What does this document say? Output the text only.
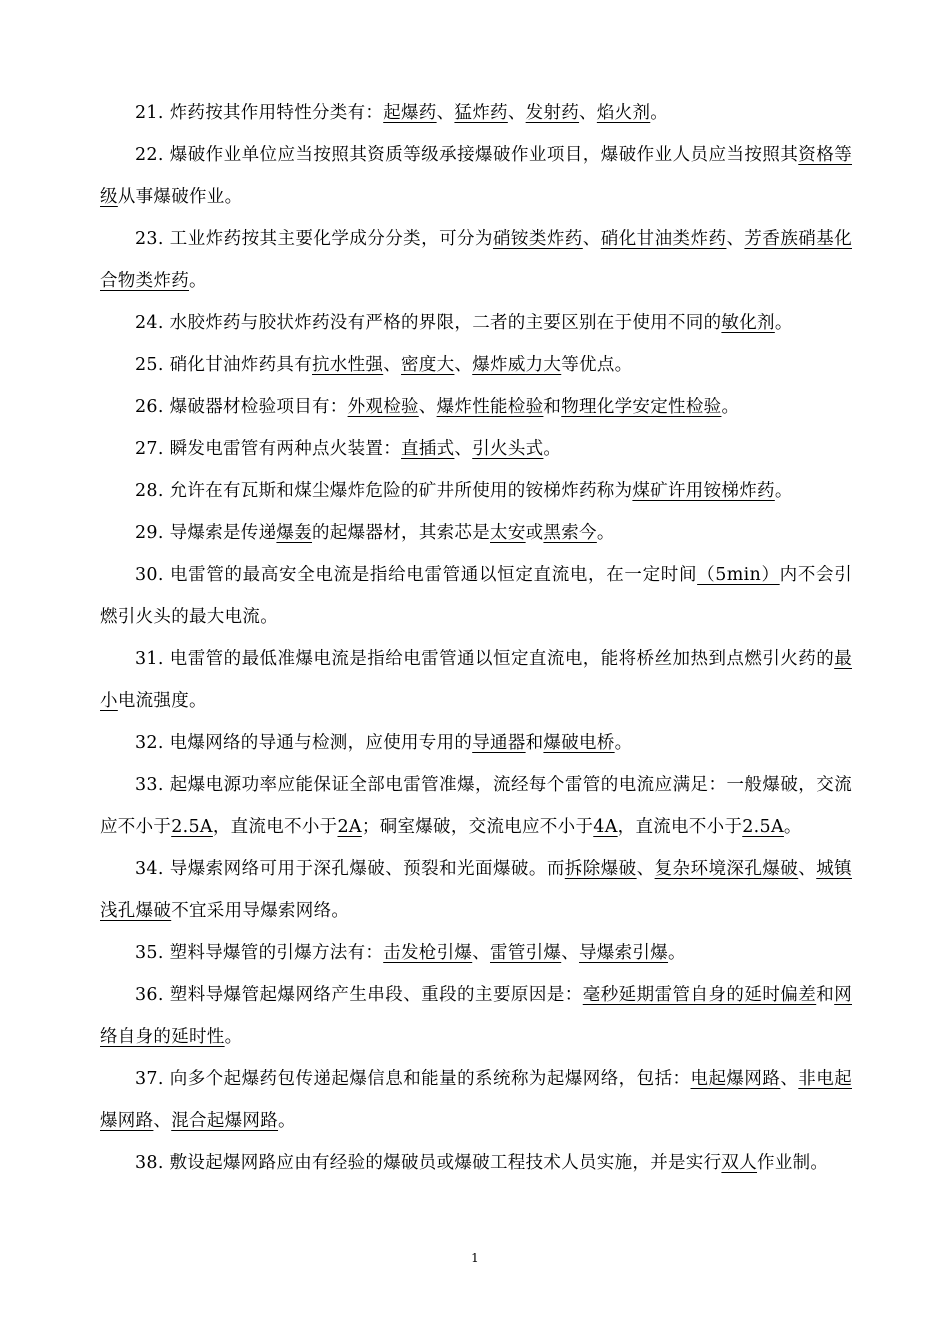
21. 炸药按其作用特性分类有：起爆药、猛炸药、发射药、焰火剂。

22. 爆破作业单位应当按照其资质等级承接爆破作业项目，爆破作业人员应当按照其资格等级从事爆破作业。

23. 工业炸药按其主要化学成分分类，可分为硝铵类炸药、硝化甘油类炸药、芳香族硝基化合物类炸药。

24. 水胶炸药与胶状炸药没有严格的界限，二者的主要区别在于使用不同的敏化剂。

25. 硝化甘油炸药具有抗水性强、密度大、爆炸威力大等优点。

26. 爆破器材检验项目有：外观检验、爆炸性能检验和物理化学安定性检验。

27. 瞬发电雷管有两种点火装置：直插式、引火头式。

28. 允许在有瓦斯和煤尘爆炸危险的矿井所使用的铵梯炸药称为煤矿许用铵梯炸药。

29. 导爆索是传递爆轰的起爆器材，其索芯是太安或黑索今。

30. 电雷管的最高安全电流是指给电雷管通以恒定直流电，在一定时间（5min）内不会引燃引火头的最大电流。

31. 电雷管的最低准爆电流是指给电雷管通以恒定直流电，能将桥丝加热到点燃引火药的最小电流强度。

32. 电爆网络的导通与检测，应使用专用的导通器和爆破电桥。

33. 起爆电源功率应能保证全部电雷管准爆，流经每个雷管的电流应满足：一般爆破，交流应不小于2.5A，直流电不小于2A；硐室爆破，交流电应不小于4A，直流电不小于2.5A。

34. 导爆索网络可用于深孔爆破、预裂和光面爆破。而拆除爆破、复杂环境深孔爆破、城镇浅孔爆破不宜采用导爆索网络。

35. 塑料导爆管的引爆方法有：击发枪引爆、雷管引爆、导爆索引爆。

36. 塑料导爆管起爆网络产生串段、重段的主要原因是：毫秒延期雷管自身的延时偏差和网络自身的延时性。

37. 向多个起爆药包传递起爆信息和能量的系统称为起爆网络，包括：电起爆网路、非电起爆网路、混合起爆网路。

38. 敷设起爆网路应由有经验的爆破员或爆破工程技术人员实施，并是实行双人作业制。

1
